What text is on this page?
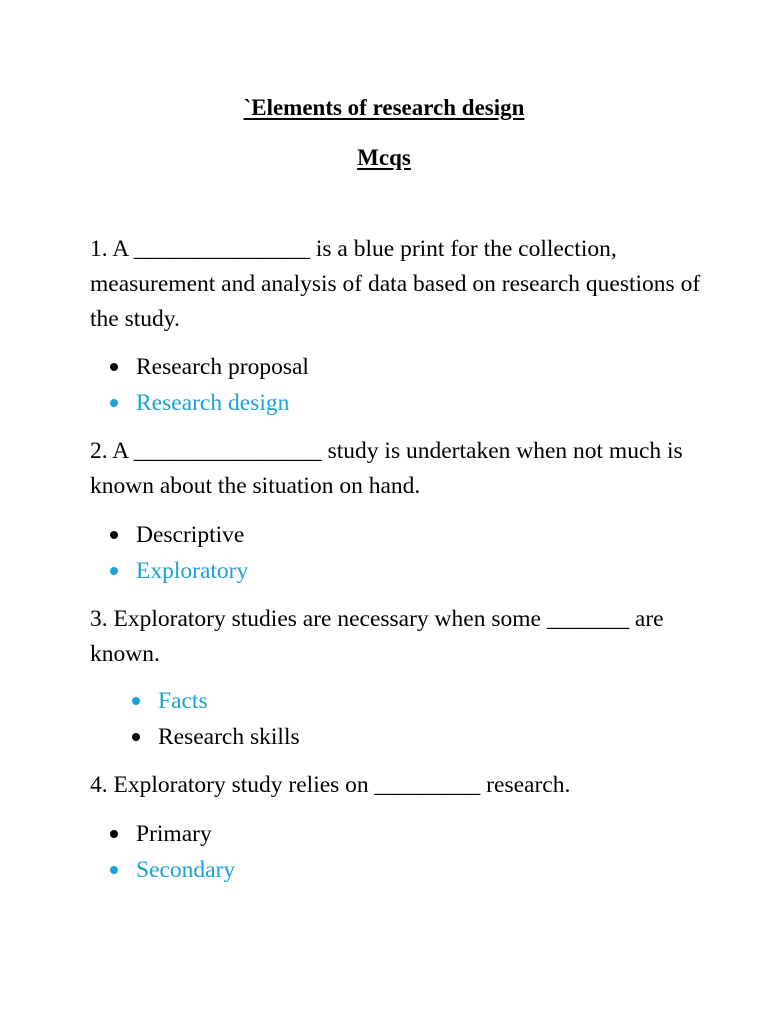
`Elements of research design
Mcqs
1. A _______________ is a blue print for the collection, measurement and analysis of data based on research questions of the study.
Research proposal
Research design
2. A ________________ study is undertaken when not much is known about the situation on hand.
Descriptive
Exploratory
3. Exploratory studies are necessary when some _______ are known.
Facts
Research skills
4. Exploratory study relies on _________ research.
Primary
Secondary
